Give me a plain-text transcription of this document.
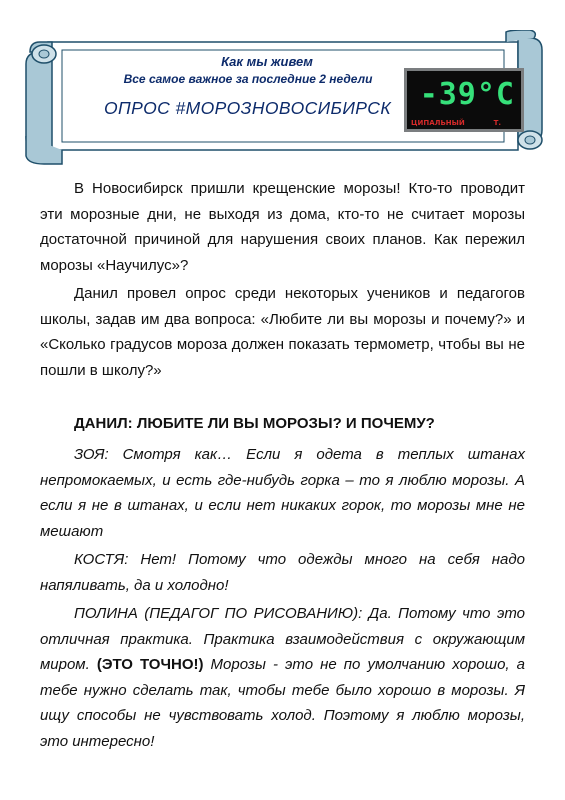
Как мы живем
Все самое важное за последние 2 недели
ОПРОС #МОРОЗНОВОСИБИРСК -39°C
ЦИПАЛЬНЫЙ	Т.

В Новосибирск пришли крещенские морозы! Кто-то проводит эти морозные дни, не выходя из дома, кто-то не считает морозы достаточной причиной для нарушения своих планов. Как пережил морозы «Научилус»?

Данил провел опрос среди некоторых учеников и педагогов школы, задав им два вопроса: «Любите ли вы морозы и почему?» и «Сколько градусов мороза должен показать термометр, чтобы вы не пошли в школу?»

ДАНИЛ: ЛЮБИТЕ ЛИ ВЫ МОРОЗЫ? И ПОЧЕМУ?

ЗОЯ: Смотря как… Если я одета в теплых штанах непромокаемых, и есть где-нибудь горка – то я люблю морозы. А если я не в штанах, и если нет никаких горок, то морозы мне не мешают

КОСТЯ: Нет! Потому что одежды много на себя надо напяливать, да и холодно!

ПОЛИНА (ПЕДАГОГ ПО РИСОВАНИЮ): Да. Потому что это отличная практика. Практика взаимодействия с окружающим миром. (ЭТО ТОЧНО!) Морозы - это не по умолчанию хорошо, а тебе нужно сделать так, чтобы тебе было хорошо в морозы. Я ищу способы не чувствовать холод. Поэтому я люблю морозы, это интересно!
